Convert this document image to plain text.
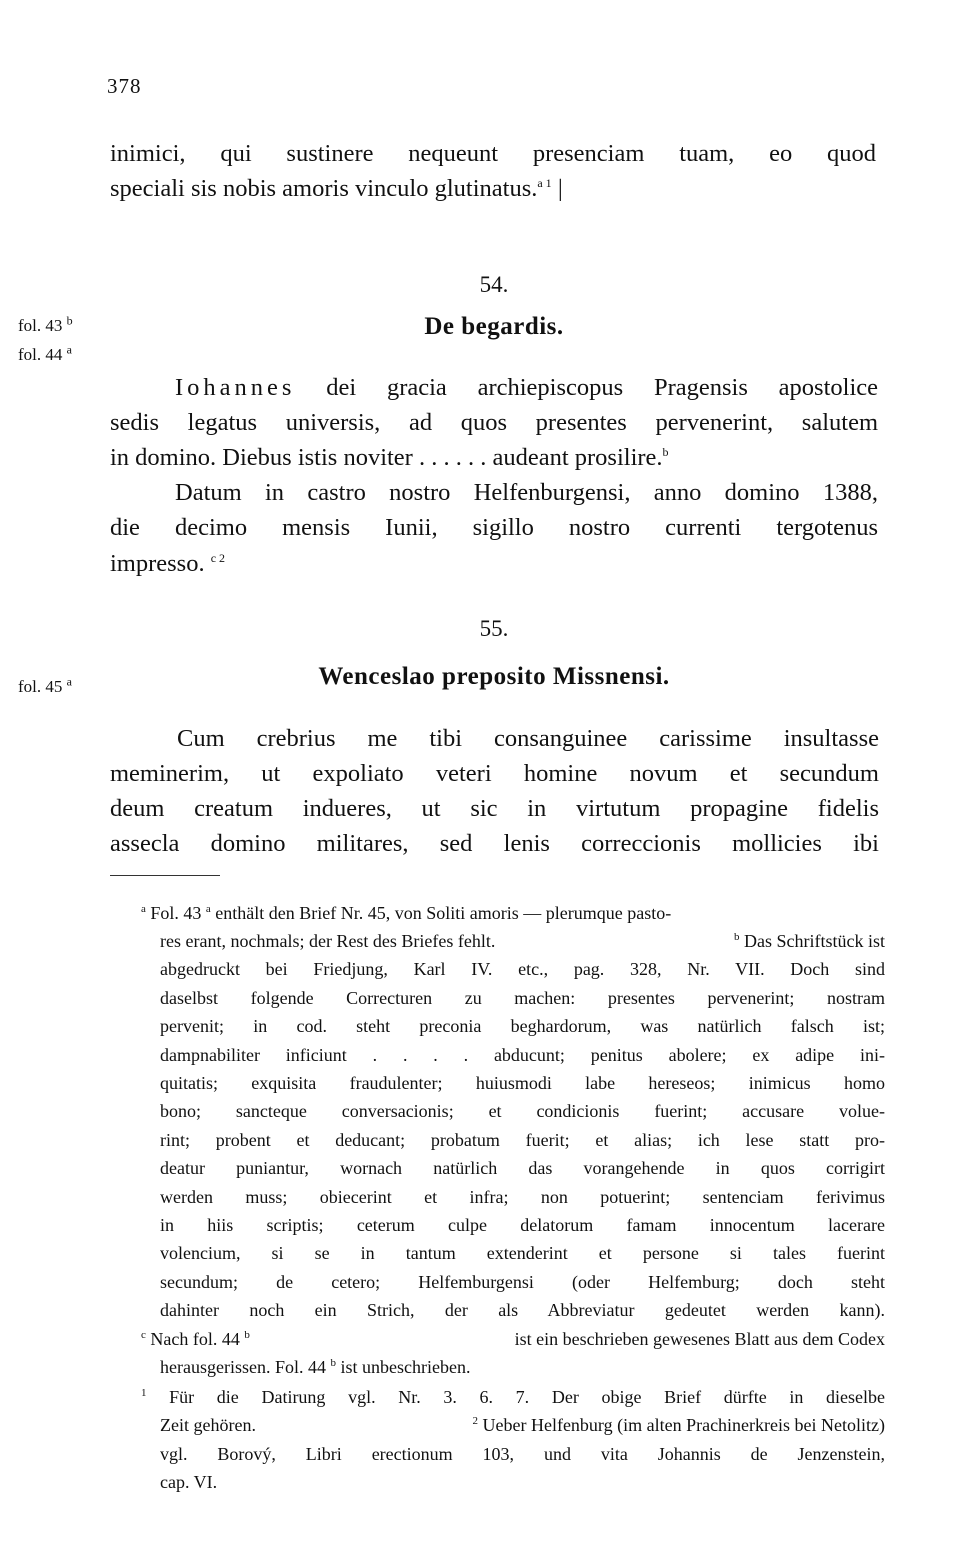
378
inimici, qui sustinere nequeunt presenciam tuam, eo quod
speciali sis nobis amoris vinculo glutinatus.$^{a 1}$ |
fol. 43 $^b$
fol. 44 $^a$
fol. 45 $^a$
54.
De begardis.
Iohannes dei gracia archiepiscopus Pragensis apostolice
sedis legatus universis, ad quos presentes pervenerint, salutem
in domino. Diebus istis noviter . . . . . . audeant prosilire.$^b$
Datum in castro nostro Helfenburgensi, anno domino 1388,
die decimo mensis Iunii, sigillo nostro currenti tergotenus
impresso. $^{c 2}$
55.
Wenceslao preposito Missnensi.
Cum crebrius me tibi consanguinee carissime insultasse
meminerim, ut expoliato veteri homine novum et secundum
deum creatum indueres, ut sic in virtutum propagine fidelis
assecla domino militares, sed lenis correccionis mollicies ibi
$^a$ Fol. 43 $^a$ enthält den Brief Nr. 45, von Soliti amoris — plerumque pasto-
res erant, nochmals; der Rest des Briefes fehlt.	$^b$ Das Schriftstück ist
abgedruckt bei Friedjung, Karl IV. etc., pag. 328, Nr. VII. Doch sind
daselbst folgende Correcturen zu machen: presentes pervenerint; nostram
pervenit; in cod. steht preconia beghardorum, was natürlich falsch ist;
dampnabiliter inficiunt . . . . abducunt; penitus abolere; ex adipe ini-
quitatis; exquisita fraudulenter; huiusmodi labe hereseos; inimicus homo
bono; sancteque conversacionis; et condicionis fuerint; accusare volue-
rint; probent et deducant; probatum fuerit; et alias; ich lese statt pro-
deatur puniantur, wornach natürlich das vorangehende in quos corrigirt
werden muss; obiecerint et infra; non potuerint; sentenciam ferivimus
in hiis scriptis; ceterum culpe delatorum famam innocentum lacerare
volencium, si se in tantum extenderint et persone si tales fuerint
secundum; de cetero; Helfemburgensi (oder Helfemburg; doch steht
dahinter noch ein Strich, der als Abbreviatur gedeutet werden kann).
$^c$ Nach fol. 44 $^b$	ist ein beschrieben gewesenes Blatt aus dem Codex
herausgerissen. Fol. 44 $^b$ ist unbeschrieben.
$^1$ Für die Datirung vgl. Nr. 3. 6. 7. Der obige Brief dürfte in dieselbe
Zeit gehören.	$^2$ Ueber Helfenburg (im alten Prachinerkreis bei Netolitz)
vgl. Borový, Libri erectionum 103, und vita Johannis de Jenzenstein,
cap. VI.
